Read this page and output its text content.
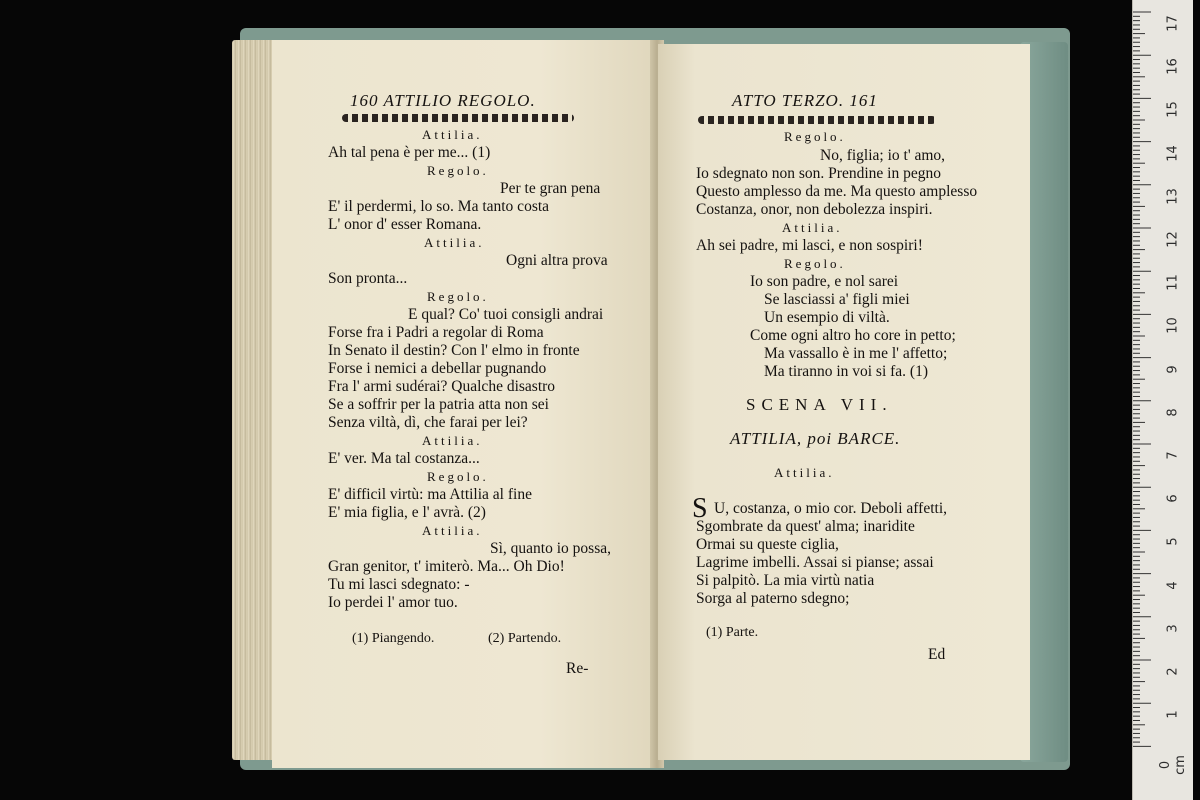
160 ATTILIO REGOLO.
Attilia.
Ah tal pena è per me... (1)
Regolo.
Per te gran pena
E' il perdermi, lo so. Ma tanto costa
L' onor d' esser Romana.
Attilia.
Ogni altra prova
Son pronta...
Regolo.
E qual? Co' tuoi consigli andrai
Forse fra i Padri a regolar di Roma
In Senato il destin? Con l' elmo in fronte
Forse i nemici a debellar pugnando
Fra l' armi sudérai? Qualche disastro
Se a soffrir per la patria atta non sei
Senza viltà, dì, che farai per lei?
Attilia.
E' ver. Ma tal costanza...
Regolo.
E' difficil virtù: ma Attilia al fine
E' mia figlia, e l' avrà. (2)
Attilia.
Sì, quanto io possa,
Gran genitor, t' imiterò. Ma... Oh Dio!
Tu mi lasci sdegnato: -
Io perdei l' amor tuo.
(1) Piangendo.	(2) Partendo.
Re-
ATTO TERZO. 161
Regolo.
No, figlia; io t' amo,
Io sdegnato non son. Prendine in pegno
Questo amplesso da me. Ma questo amplesso
Costanza, onor, non debolezza inspiri.
Attilia.
Ah sei padre, mi lasci, e non sospiri!
Regolo.
Io son padre, e nol sarei
Se lasciassi a' figli miei
Un esempio di viltà.
Come ogni altro ho core in petto;
Ma vassallo è in me l' affetto;
Ma tiranno in voi si fa. (1)
SCENA VII.
ATTILIA, poi BARCE.
Attilia.
S U, costanza, o mio cor. Deboli affetti,
Sgombrate da quest' alma; inaridite
Ormai su queste ciglia,
Lagrime imbelli. Assai si pianse; assai
Si palpitò. La mia virtù natia
Sorga al paterno sdegno;
(1) Parte.
Ed
17
16
15
14
13
12
11
10
9
8
7
6
5
4
3
2
1
0 cm
